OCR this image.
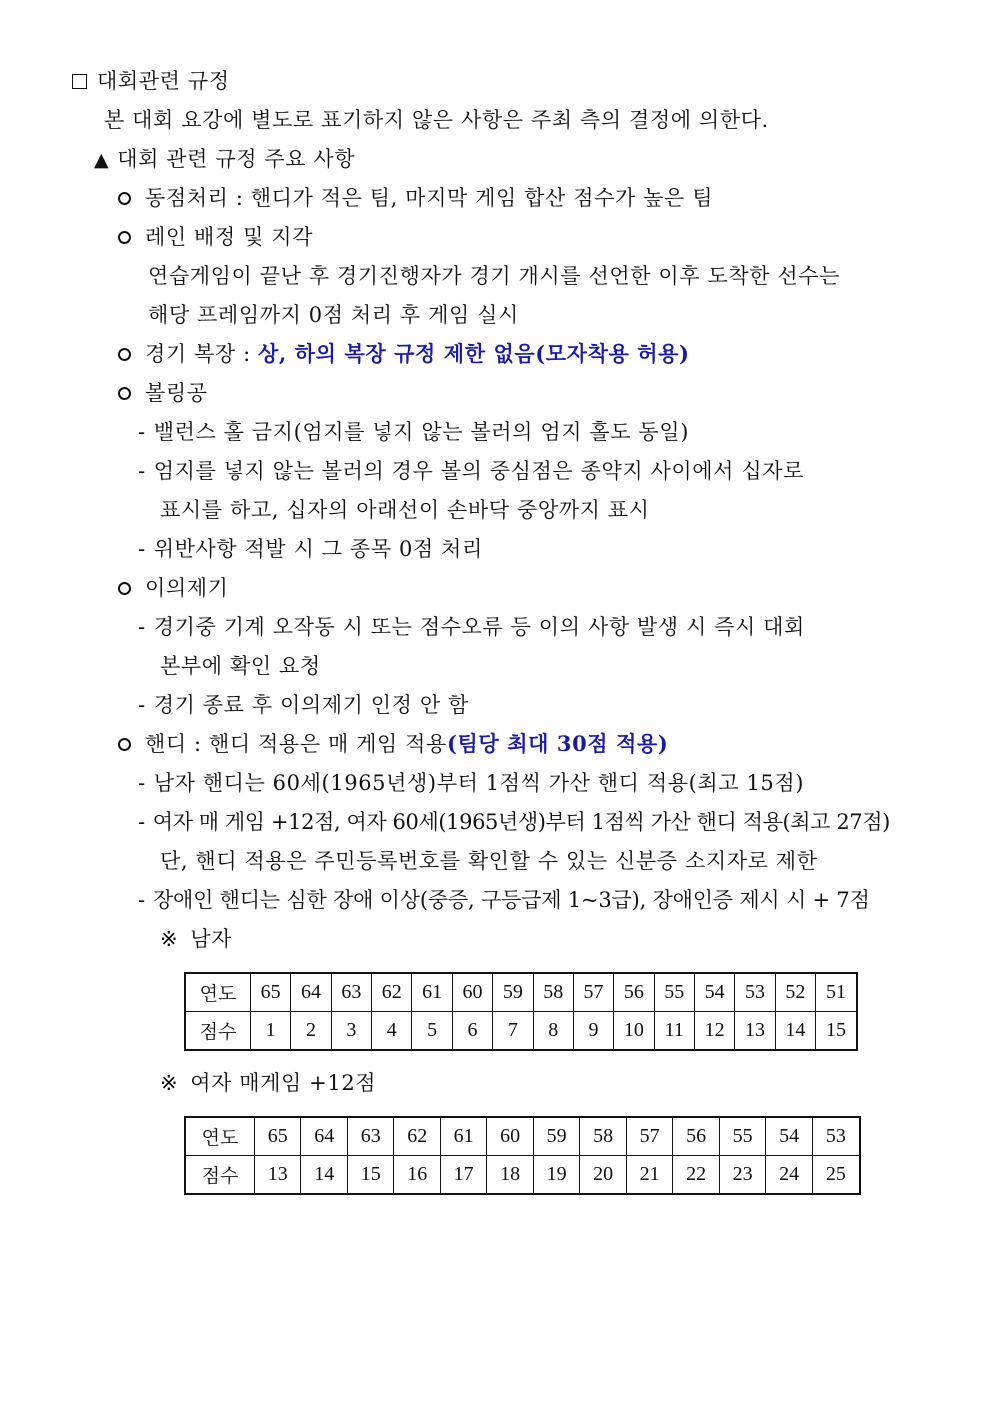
대회관련 규정
본 대회 요강에 별도로 표기하지 않은 사항은 주최 측의 결정에 의한다.
▲ 대회 관련 규정 주요 사항
동점처리 : 핸디가 적은 팀, 마지막 게임 합산 점수가 높은 팀
레인 배정 및 지각
연습게임이 끝난 후 경기진행자가 경기 개시를 선언한 이후 도착한 선수는
해당 프레임까지 0점 처리 후 게임 실시
경기 복장 : 상, 하의 복장 규정 제한 없음(모자착용 허용)
볼링공
- 밸런스 홀 금지(엄지를 넣지 않는 볼러의 엄지 홀도 동일)
- 엄지를 넣지 않는 볼러의 경우 볼의 중심점은 종약지 사이에서 십자로
표시를 하고, 십자의 아래선이 손바닥 중앙까지 표시
- 위반사항 적발 시 그 종목 0점 처리
이의제기
- 경기중 기계 오작동 시 또는 점수오류 등 이의 사항 발생 시 즉시 대회
본부에 확인 요청
- 경기 종료 후 이의제기 인정 안 함
핸디 : 핸디 적용은 매 게임 적용(팀당 최대 30점 적용)
- 남자 핸디는 60세(1965년생)부터 1점씩 가산 핸디 적용(최고 15점)
- 여자 매 게임 +12점, 여자 60세(1965년생)부터 1점씩 가산 핸디 적용(최고 27점)
단, 핸디 적용은 주민등록번호를 확인할 수 있는 신분증 소지자로 제한
- 장애인 핸디는 심한 장애 이상(중증, 구등급제 1~3급), 장애인증 제시 시 + 7점
※ 남자
연도	65	64	63	62	61	60	59	58	57	56	55	54	53	52	51
점수	1	2	3	4	5	6	7	8	9	10	11	12	13	14	15
※ 여자 매게임 +12점
연도	65	64	63	62	61	60	59	58	57	56	55	54	53
점수	13	14	15	16	17	18	19	20	21	22	23	24	25
